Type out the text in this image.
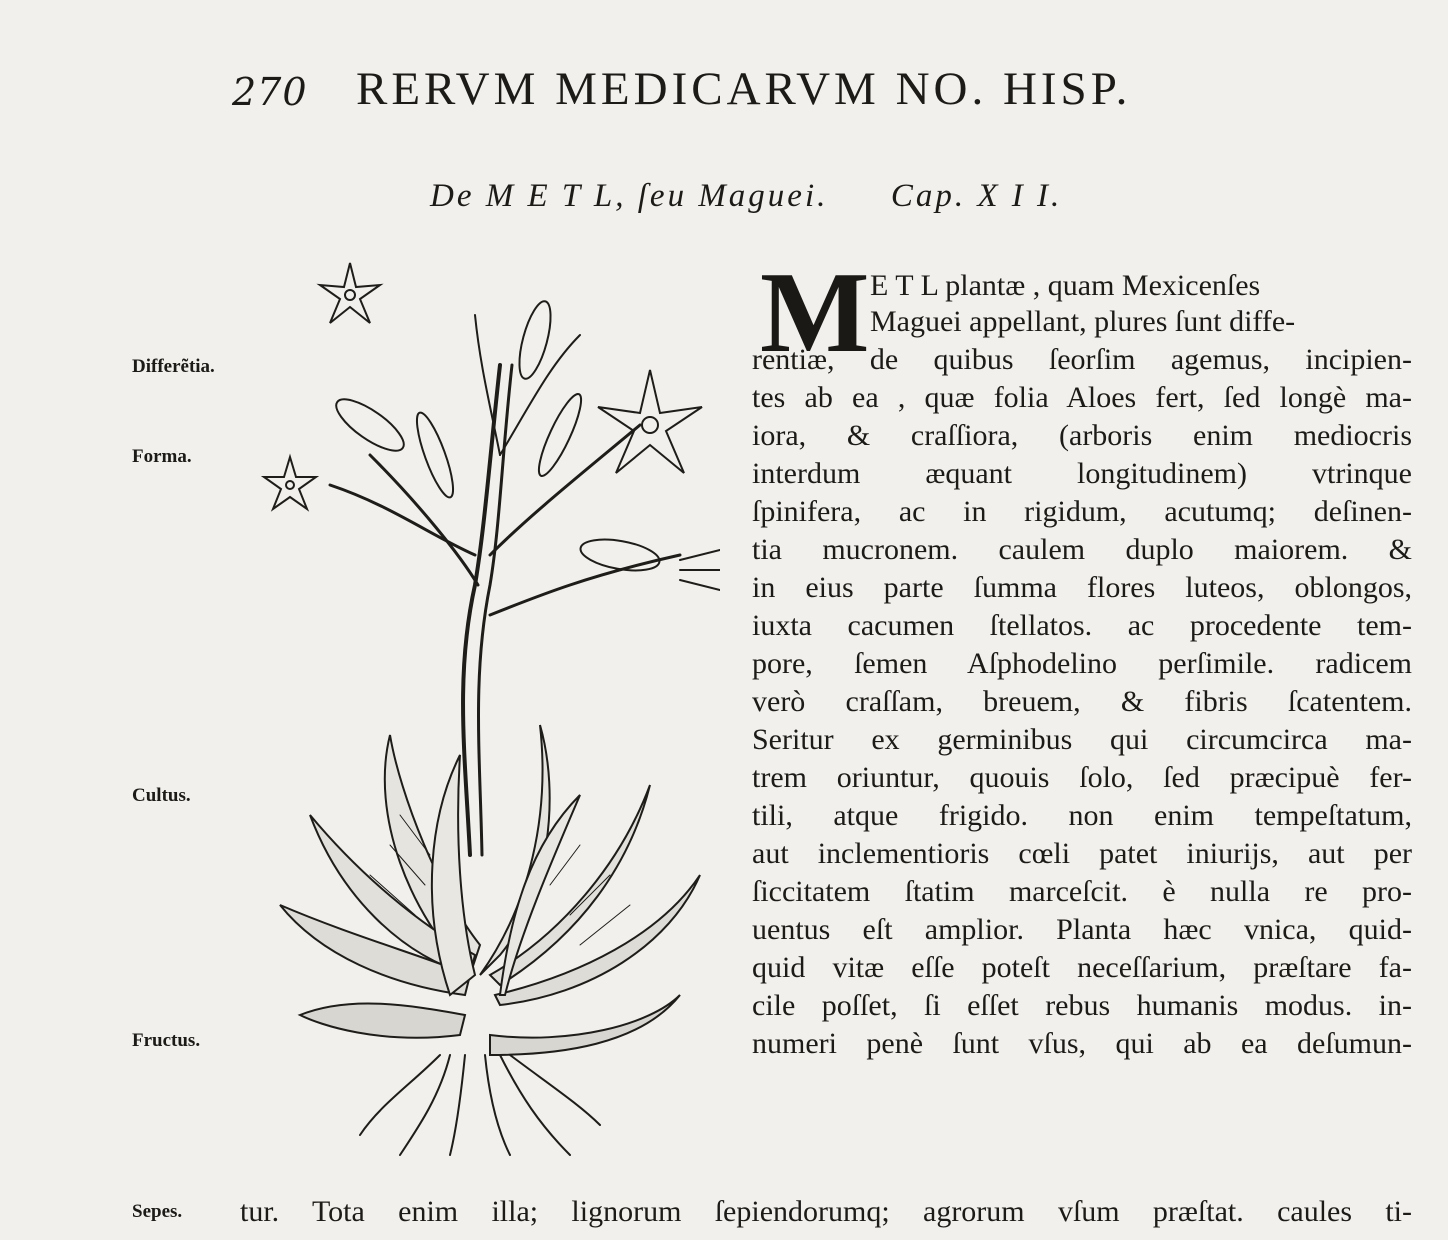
270 RERVM MEDICARVM NO. HISP.
De M E T L, ſeu Maguei. Cap. X I I.
Differẽtia.
Forma.
Cultus.
Fructus.
Sepes.
M E T L plantæ , quam Mexicenſes
Maguei appellant, plures ſunt diffe-
rentiæ, de quibus ſeorſim agemus, incipien-
tes ab ea , quæ folia Aloes fert, ſed longè ma-
iora, & craſſiora, (arboris enim mediocris
interdum æquant longitudinem) vtrinque
ſpinifera, ac in rigidum, acutumq; deſinen-
tia mucronem. caulem duplo maiorem. &
in eius parte ſumma flores luteos, oblongos,
iuxta cacumen ſtellatos. ac procedente tem-
pore, ſemen Aſphodelino perſimile. radicem
verò craſſam, breuem, & fibris ſcatentem.
Seritur ex germinibus qui circumcirca ma-
trem oriuntur, quouis ſolo, ſed præcipuè fer-
tili, atque frigido. non enim tempeſtatum,
aut inclementioris cœli patet iniurijs, aut per
ſiccitatem ſtatim marceſcit. è nulla re pro-
uentus eſt amplior. Planta hæc vnica, quid-
quid vitæ eſſe poteſt neceſſarium, præſtare fa-
cile poſſet, ſi eſſet rebus humanis modus. in-
numeri penè ſunt vſus, qui ab ea deſumun-
tur. Tota enim illa; lignorum ſepiendorumq; agrorum vſum præſtat. caules ti-
